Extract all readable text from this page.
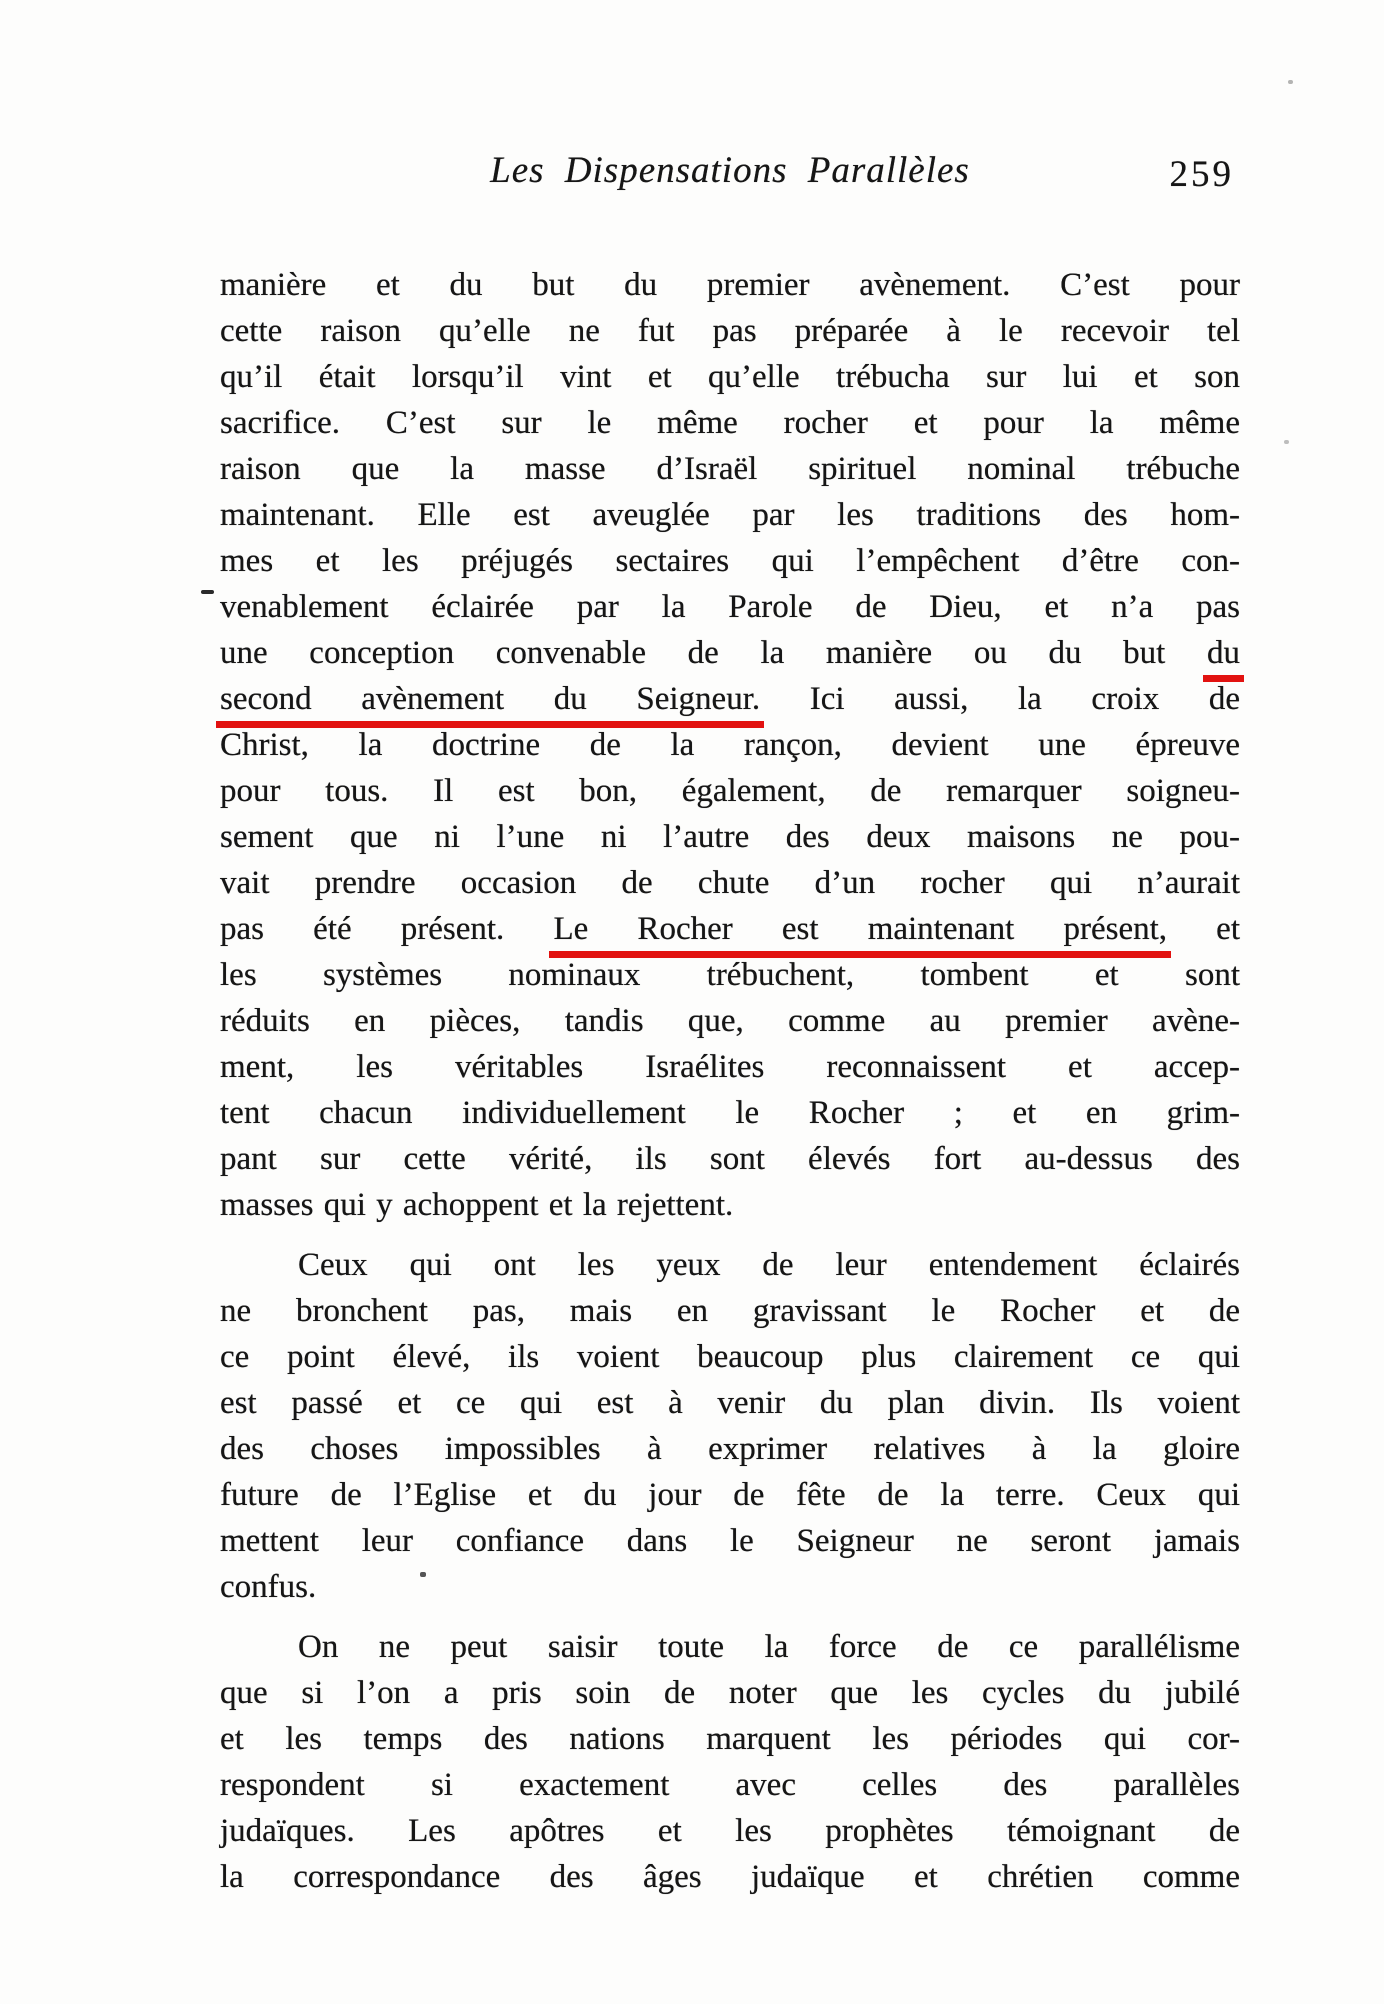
Les Dispensations Parallèles	259
manière et du but du premier avènement. C’est pour
cette raison qu’elle ne fut pas préparée à le recevoir tel
qu’il était lorsqu’il vint et qu’elle trébucha sur lui et son
sacrifice. C’est sur le même rocher et pour la même
raison que la masse d’Israël spirituel nominal trébuche
maintenant. Elle est aveuglée par les traditions des hom-
mes et les préjugés sectaires qui l’empêchent d’être con-
venablement éclairée par la Parole de Dieu, et n’a pas
une conception convenable de la manière ou du but du
second avènement du Seigneur. Ici aussi, la croix de
Christ, la doctrine de la rançon, devient une épreuve
pour tous. Il est bon, également, de remarquer soigneu-
sement que ni l’une ni l’autre des deux maisons ne pou-
vait prendre occasion de chute d’un rocher qui n’aurait
pas été présent. Le Rocher est maintenant présent, et
les systèmes nominaux trébuchent, tombent et sont
réduits en pièces, tandis que, comme au premier avène-
ment, les véritables Israélites reconnaissent et accep-
tent chacun individuellement le Rocher ; et en grim-
pant sur cette vérité, ils sont élevés fort au-dessus des
masses qui y achoppent et la rejettent.
Ceux qui ont les yeux de leur entendement éclairés
ne bronchent pas, mais en gravissant le Rocher et de
ce point élevé, ils voient beaucoup plus clairement ce qui
est passé et ce qui est à venir du plan divin. Ils voient
des choses impossibles à exprimer relatives à la gloire
future de l’Eglise et du jour de fête de la terre. Ceux qui
mettent leur confiance dans le Seigneur ne seront jamais
confus.
On ne peut saisir toute la force de ce parallélisme
que si l’on a pris soin de noter que les cycles du jubilé
et les temps des nations marquent les périodes qui cor-
respondent si exactement avec celles des parallèles
judaïques. Les apôtres et les prophètes témoignant de
la correspondance des âges judaïque et chrétien comme
